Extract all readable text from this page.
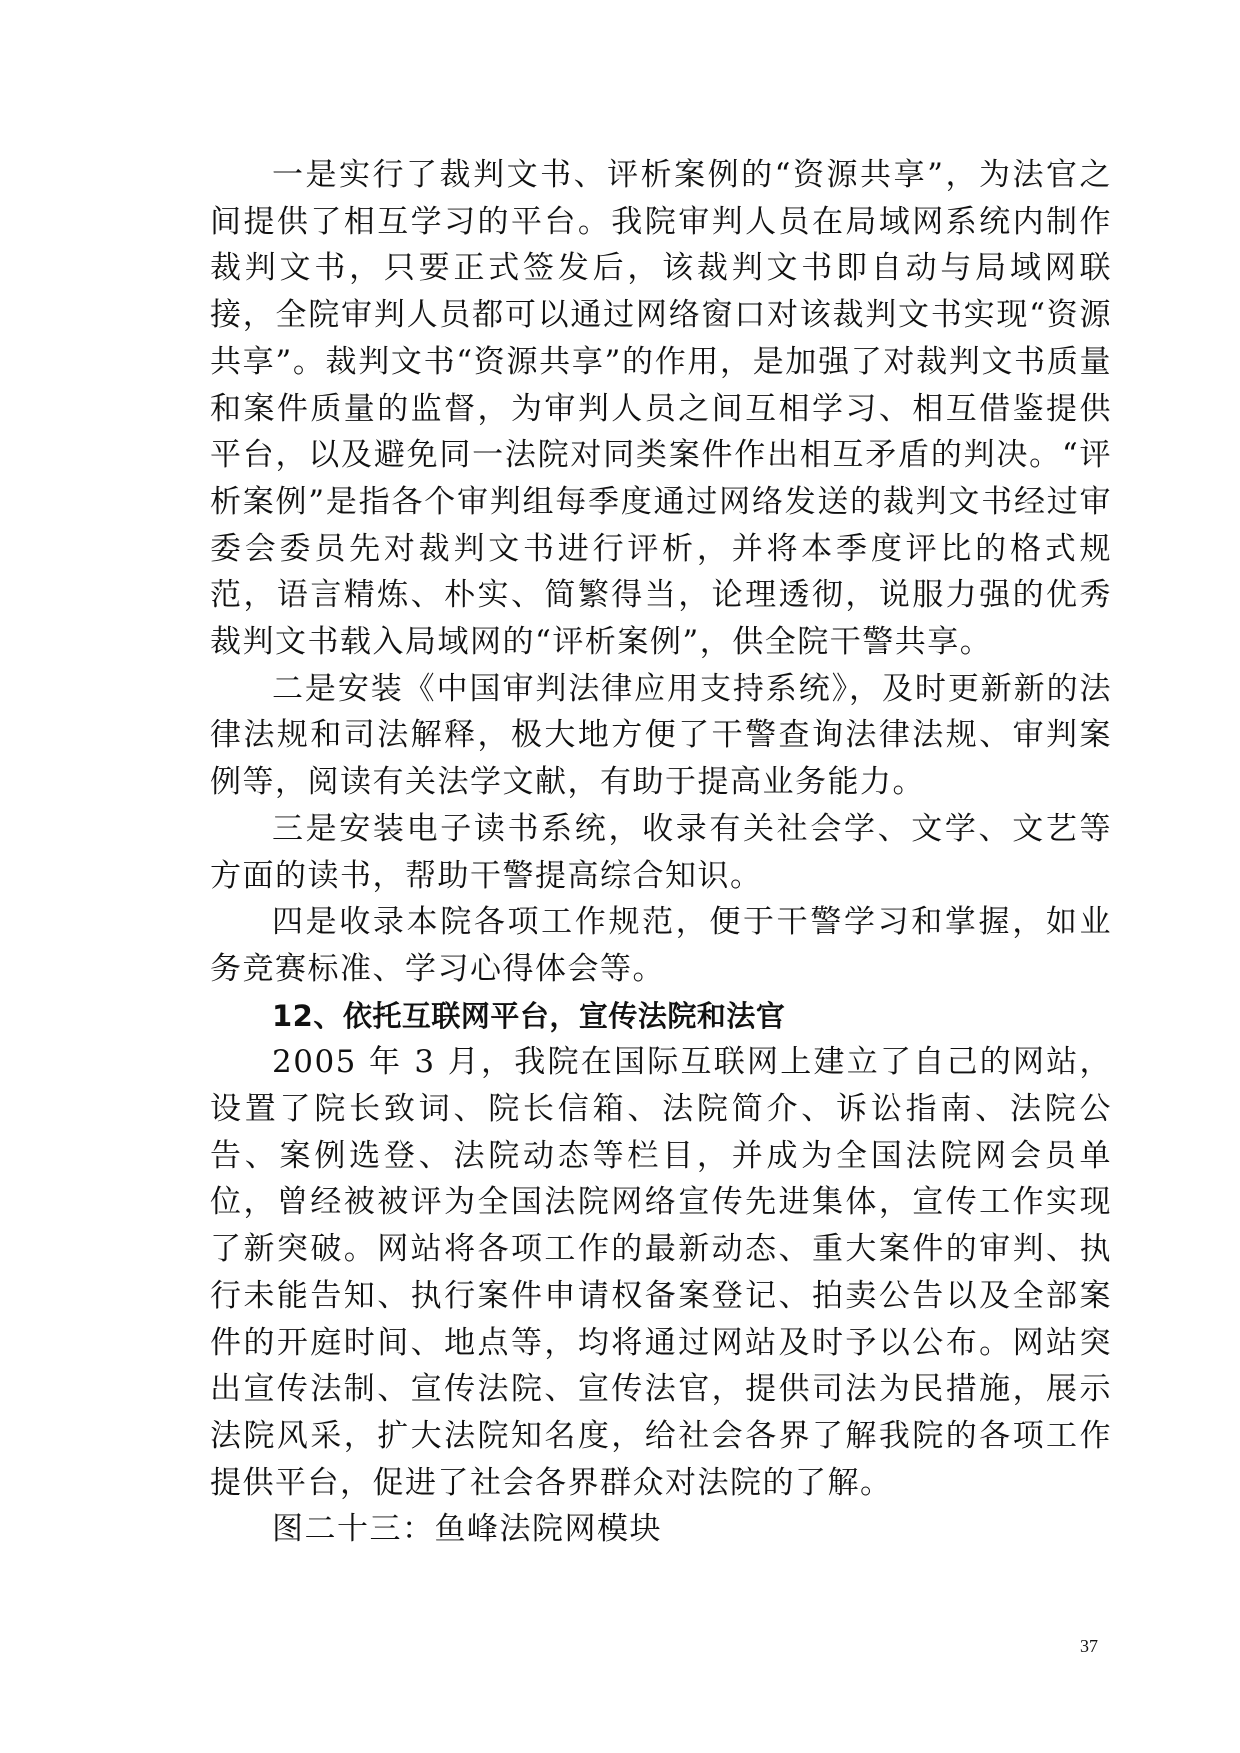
一是实行了裁判文书、评析案例的“资源共享”，为法官之间提供了相互学习的平台。我院审判人员在局域网系统内制作裁判文书，只要正式签发后，该裁判文书即自动与局域网联接，全院审判人员都可以通过网络窗口对该裁判文书实现“资源共享”。裁判文书“资源共享”的作用，是加强了对裁判文书质量和案件质量的监督，为审判人员之间互相学习、相互借鉴提供平台，以及避免同一法院对同类案件作出相互矛盾的判决。“评析案例”是指各个审判组每季度通过网络发送的裁判文书经过审委会委员先对裁判文书进行评析，并将本季度评比的格式规范，语言精炼、朴实、简繁得当，论理透彻，说服力强的优秀裁判文书载入局域网的“评析案例”，供全院干警共享。

二是安装《中国审判法律应用支持系统》，及时更新新的法律法规和司法解释，极大地方便了干警查询法律法规、审判案例等，阅读有关法学文献，有助于提高业务能力。

三是安装电子读书系统，收录有关社会学、文学、文艺等方面的读书，帮助干警提高综合知识。

四是收录本院各项工作规范，便于干警学习和掌握，如业务竞赛标准、学习心得体会等。

12、依托互联网平台，宣传法院和法官

2005 年 3 月，我院在国际互联网上建立了自己的网站，设置了院长致词、院长信箱、法院简介、诉讼指南、法院公告、案例选登、法院动态等栏目，并成为全国法院网会员单位，曾经被被评为全国法院网络宣传先进集体，宣传工作实现了新突破。网站将各项工作的最新动态、重大案件的审判、执行未能告知、执行案件申请权备案登记、拍卖公告以及全部案件的开庭时间、地点等，均将通过网站及时予以公布。网站突出宣传法制、宣传法院、宣传法官，提供司法为民措施，展示法院风采，扩大法院知名度，给社会各界了解我院的各项工作提供平台，促进了社会各界群众对法院的了解。

图二十三：鱼峰法院网模块

37
